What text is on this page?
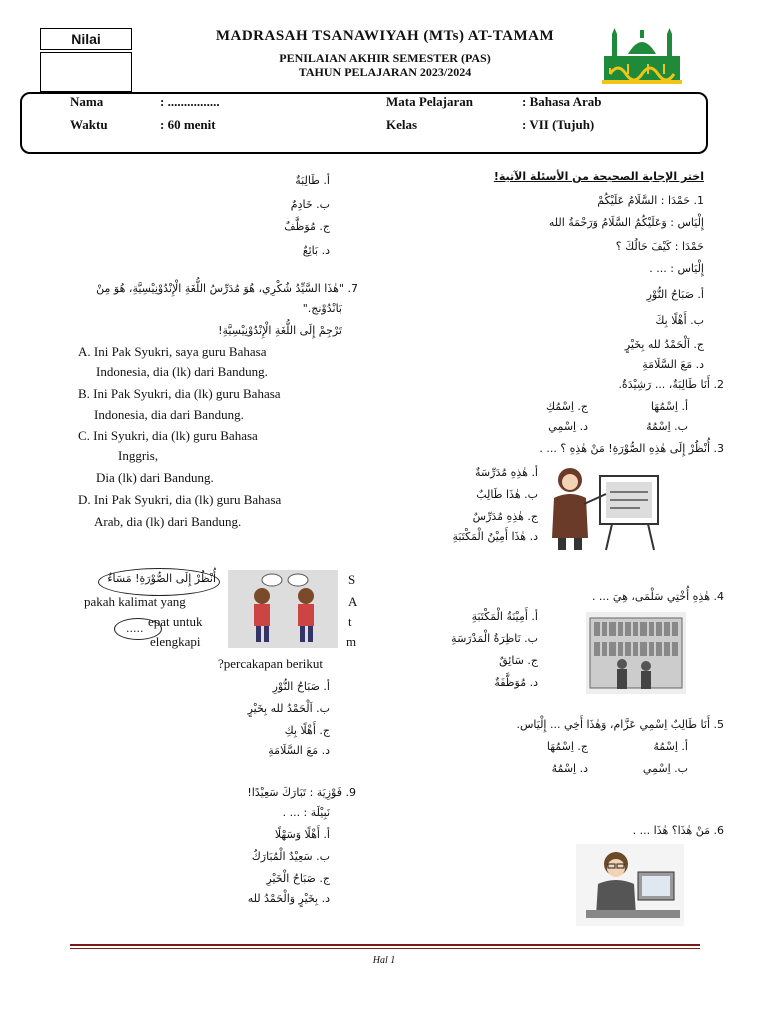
Nilai	MADRASAH TSANAWIYAH (MTs) AT-TAMAM
PENILAIAN AKHIR SEMESTER (PAS)
TAHUN PELAJARAN 2023/2024
Nama	: ................
Waktu	: 60 menit
Mata Pelajaran	: Bahasa Arab
Kelas	: VII (Tujuh)
اختر الإجابة الصحيحة من الأسئلة الآتية!
1. حَمْدَا : السَّلَامُ عَلَيْكُمْ
إِلْيَاس : وَعَلَيْكُمُ السَّلَامُ وَرَحْمَةُ الله
حَمْدَا : كَيْفَ حَالُكَ ؟
إِلْيَاس : ... .
أ. صَبَاحُ النُّوْرِ
ب. أَهْلًا بِكَ
ج. اَلْحَمْدُ لله بِخَيْرٍ
د. مَعَ السَّلَامَةِ
2. أَنَا طَالِبَةٌ، ... رَشِيْدَةٌ.
أ. اِسْمُهَا
ج. اِسْمُكِ
ب. اِسْمُهُ
د. اِسْمِي
3. أُنْظُرْ إِلَى هٰذِهِ الصُّوْرَةِ! مَنْ هٰذِهِ ؟ ... .
أ. هٰذِهِ مُدَرِّسَةٌ
ب. هٰذَا طَالِبٌ
ج. هٰذِهِ مُدَرِّسٌ
د. هٰذَا أَمِيْنُ الْمَكْتَبَةِ
4. هٰذِهِ أُخْتِي سَلْمَى، هِيَ ... .
أ. أَمِيْنَةُ الْمَكْتَبَةِ
ب. نَاظِرَةُ الْمَدْرَسَةِ
ج. سَائِقٌ
د. مُوَظَّفَةٌ
5. أَنَا طَالِبٌ اِسْمِي عَزَّام، وَهٰذَا أَخِي ... إِلْيَاس.
أ. اِسْمُهُ
ج. اِسْمُهَا
ب. اِسْمِي
د. اِسْمُهُ
6. مَنْ هٰذَا؟ هٰذَا ... .
أ. طَالِبَةٌ
ب. خَادِمٌ
ج. مُوَظَّفٌ
د. بَائِعٌ
7. "هٰذَا السَّيِّدُ شُكْرِي، هُوَ مُدَرِّسُ اللُّغَةِ الْإِنْدُوْنِيْسِيَّةِ، هُوَ مِنْ
بَانْدُوْنج."
تَرْجِمْ إِلَى اللُّغَةِ الْإِنْدُوْنِيْسِيَّةِ!
A. Ini Pak Syukri, saya guru Bahasa
Indonesia, dia (lk) dari Bandung.
B. Ini Pak Syukri, dia (lk) guru Bahasa
Indonesia, dia dari Bandung.
C. Ini Syukri, dia (lk) guru Bahasa
Inggris,
Dia (lk) dari Bandung.
D. Ini Pak Syukri, dia (lk) guru Bahasa
Arab, dia (lk) dari Bandung.
أُنْظُرْ إِلَى الصُّوْرَةِ! مَسَاءٌ
.....
S
pakah kalimat yang	A
epat untuk	t
elengkapi	m
?percakapan berikut
أ. صَبَاحُ النُّوْرِ
ب. اَلْحَمْدُ لله بِخَيْرٍ
ج. أَهْلًا بِكِ
د. مَعَ السَّلَامَةِ
9. فَوْزِيَة : تَبَارَكَ سَعِيْدًا!
نَبِيْلَة : ... .
أ. أَهْلًا وَسَهْلًا
ب. سَعِيْدٌ الْمُبَارَكُ
ج. صَبَاحُ الْخَيْرِ
د. بِخَيْرٍ وَالْحَمْدُ لله
Hal 1
